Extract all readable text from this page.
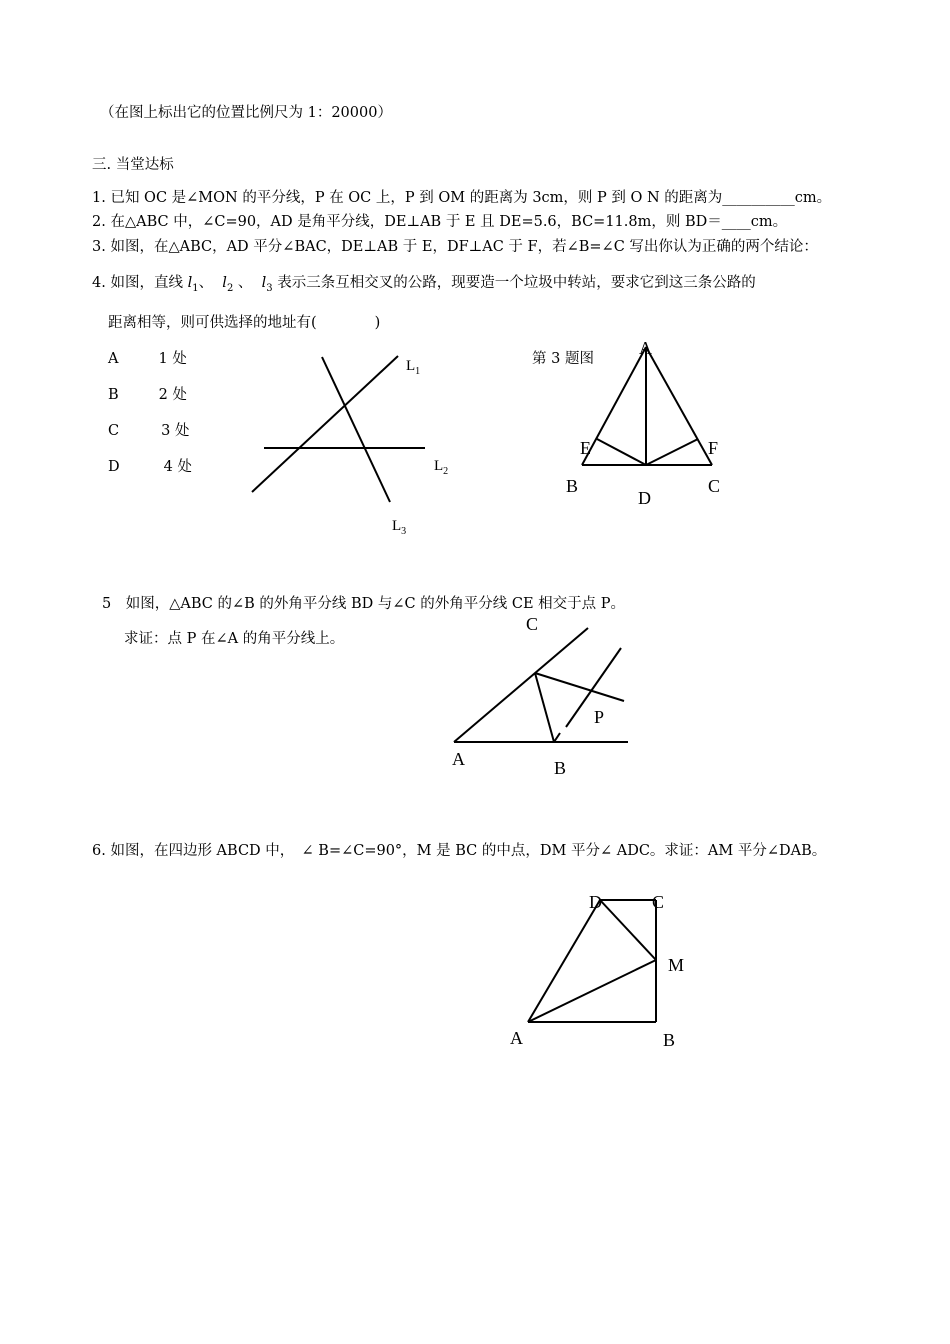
（在图上标出它的位置比例尺为 1：20000）
三. 当堂达标
1. 已知 OC 是∠MON 的平分线，P 在 OC 上，P 到 OM 的距离为 3cm，则 P 到 O N 的距离为__________cm。
2. 在△ABC 中，∠C=90，AD 是角平分线，DE⊥AB 于 E 且 DE=5.6，BC=11.8m，则 BD＝____cm。
3. 如图，在△ABC，AD 平分∠BAC，DE⊥AB 于 E，DF⊥AC 于 F，若∠B=∠C 写出你认为正确的两个结论：
4. 如图，直线 $l_1$、 $l_2$ 、 $l_3$ 表示三条互相交叉的公路，现要造一个垃圾中转站，要求它到这三条公路的
距离相等，则可供选择的地址有(　　　　)
A	1 处
B	2 处
C	3 处
D	4 处
5　如图，△ABC 的∠B 的外角平分线 BD 与∠C 的外角平分线 CE 相交于点 P。
求证：点 P 在∠A 的角平分线上。
6. 如图，在四边形 ABCD 中，　∠ B=∠C=90°，M 是 BC 的中点，DM 平分∠ ADC。求证：AM 平分∠DAB。
$L_1$
$L_2$
$L_3$
第 3 题图
A
E	F
B	C
D
C
P
A	B
D	C
M
A	B
